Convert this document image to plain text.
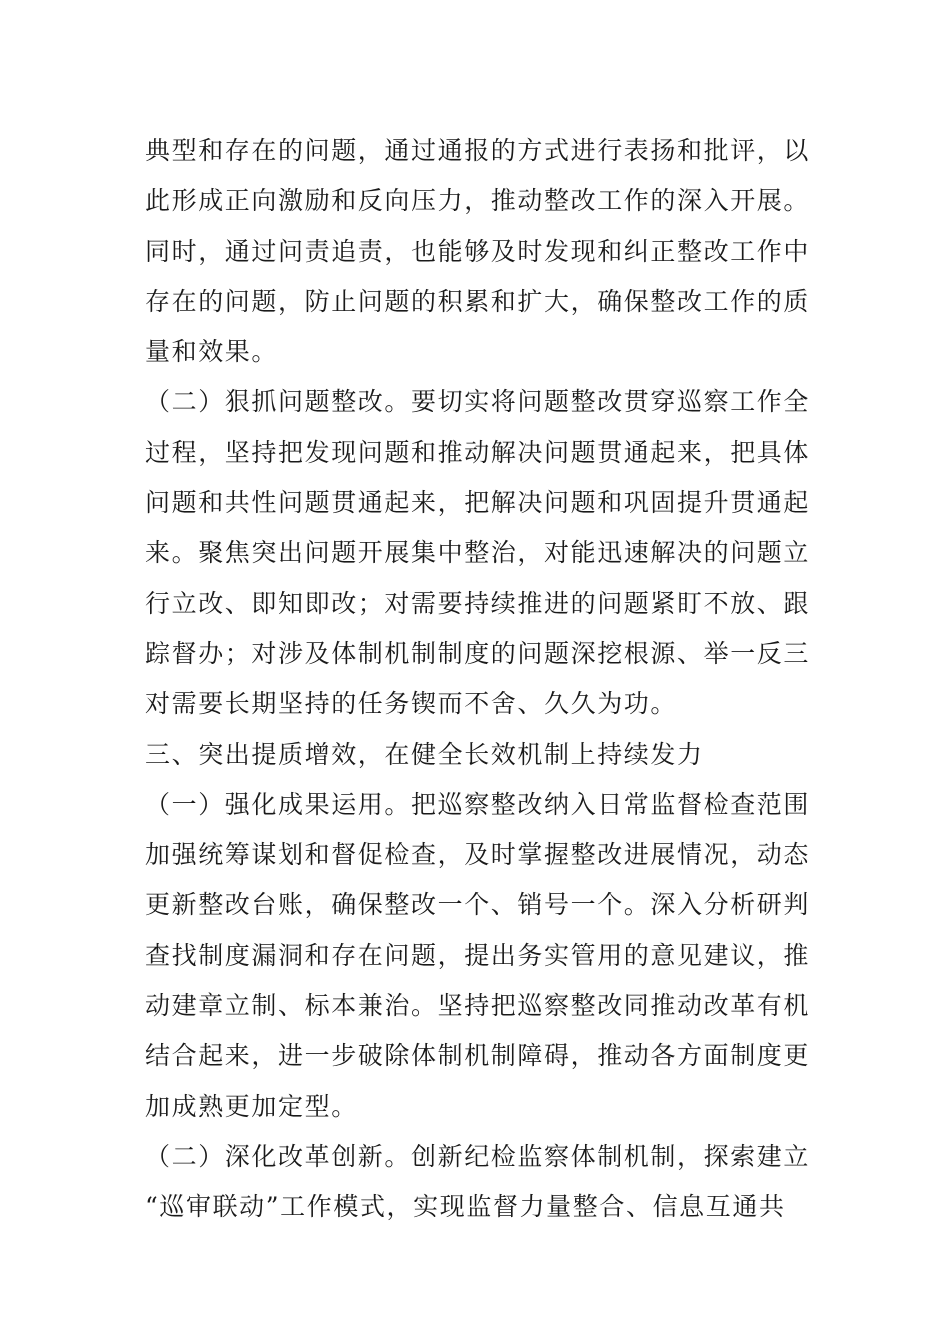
典型和存在的问题，通过通报的方式进行表扬和批评，以
此形成正向激励和反向压力，推动整改工作的深入开展。
同时，通过问责追责，也能够及时发现和纠正整改工作中
存在的问题，防止问题的积累和扩大，确保整改工作的质
量和效果。
（二）狠抓问题整改。要切实将问题整改贯穿巡察工作全
过程，坚持把发现问题和推动解决问题贯通起来，把具体
问题和共性问题贯通起来，把解决问题和巩固提升贯通起
来。聚焦突出问题开展集中整治，对能迅速解决的问题立
行立改、即知即改；对需要持续推进的问题紧盯不放、跟
踪督办；对涉及体制机制制度的问题深挖根源、举一反三
对需要长期坚持的任务锲而不舍、久久为功。
三、突出提质增效，在健全长效机制上持续发力
（一）强化成果运用。把巡察整改纳入日常监督检查范围
加强统筹谋划和督促检查，及时掌握整改进展情况，动态
更新整改台账，确保整改一个、销号一个。深入分析研判
查找制度漏洞和存在问题，提出务实管用的意见建议，推
动建章立制、标本兼治。坚持把巡察整改同推动改革有机
结合起来，进一步破除体制机制障碍，推动各方面制度更
加成熟更加定型。
（二）深化改革创新。创新纪检监察体制机制，探索建立
“巡审联动”工作模式，实现监督力量整合、信息互通共
